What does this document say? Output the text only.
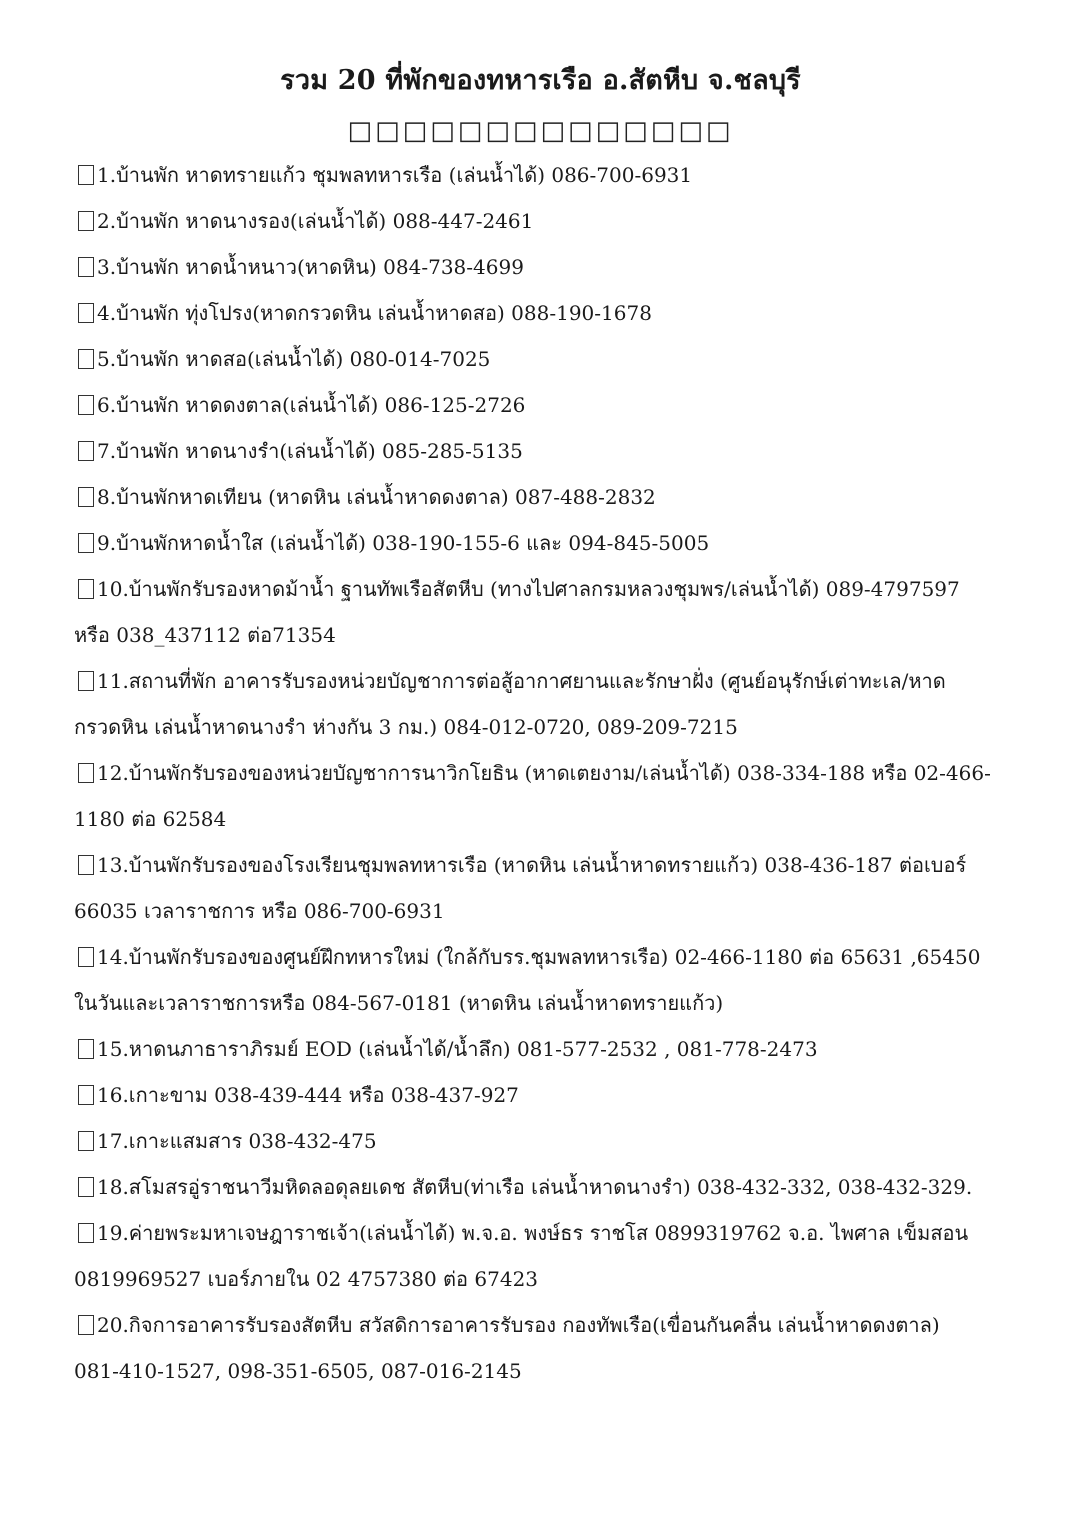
รวม 20 ที่พักของทหารเรือ อ.สัตหีบ จ.ชลบุรี
□□□□□□□□□□□□□□
1.บ้านพัก หาดทรายแก้ว ชุมพลทหารเรือ (เล่นน้ำได้) 086-700-6931
2.บ้านพัก หาดนางรอง(เล่นน้ำได้) 088-447-2461
3.บ้านพัก หาดน้ำหนาว(หาดหิน) 084-738-4699
4.บ้านพัก ทุ่งโปรง(หาดกรวดหิน เล่นน้ำหาดสอ) 088-190-1678
5.บ้านพัก หาดสอ(เล่นน้ำได้) 080-014-7025
6.บ้านพัก หาดดงตาล(เล่นน้ำได้) 086-125-2726
7.บ้านพัก หาดนางรำ(เล่นน้ำได้) 085-285-5135
8.บ้านพักหาดเทียน (หาดหิน เล่นน้ำหาดดงตาล) 087-488-2832
9.บ้านพักหาดน้ำใส (เล่นน้ำได้) 038-190-155-6 และ 094-845-5005
10.บ้านพักรับรองหาดม้าน้ำ ฐานทัพเรือสัตหีบ (ทางไปศาลกรมหลวงชุมพร/เล่นน้ำได้) 089-4797597
หรือ 038_437112 ต่อ71354
11.สถานที่พัก อาคารรับรองหน่วยบัญชาการต่อสู้อากาศยานและรักษาฝั่ง (ศูนย์อนุรักษ์เต่าทะเล/หาด
กรวดหิน เล่นน้ำหาดนางรำ ห่างกัน 3 กม.) 084-012-0720, 089-209-7215
12.บ้านพักรับรองของหน่วยบัญชาการนาวิกโยธิน (หาดเตยงาม/เล่นน้ำได้) 038-334-188 หรือ 02-466-
1180 ต่อ 62584
13.บ้านพักรับรองของโรงเรียนชุมพลทหารเรือ (หาดหิน เล่นน้ำหาดทรายแก้ว) 038-436-187 ต่อเบอร์
66035 เวลาราชการ หรือ 086-700-6931
14.บ้านพักรับรองของศูนย์ฝึกทหารใหม่ (ใกล้กับรร.ชุมพลทหารเรือ) 02-466-1180 ต่อ 65631 ,65450
ในวันและเวลาราชการหรือ 084-567-0181 (หาดหิน เล่นน้ำหาดทรายแก้ว)
15.หาดนภาธาราภิรมย์ EOD (เล่นน้ำได้/น้ำลึก) 081-577-2532 , 081-778-2473
16.เกาะขาม 038-439-444 หรือ 038-437-927
17.เกาะแสมสาร 038-432-475
18.สโมสรอู่ราชนาวีมหิดลอดุลยเดช สัตหีบ(ท่าเรือ เล่นน้ำหาดนางรำ) 038-432-332, 038-432-329.
19.ค่ายพระมหาเจษฎาราชเจ้า(เล่นน้ำได้) พ.จ.อ. พงษ์ธร ราชโส 0899319762 จ.อ. ไพศาล เข็มสอน
0819969527 เบอร์ภายใน 02 4757380 ต่อ 67423
20.กิจการอาคารรับรองสัตหีบ สวัสดิการอาคารรับรอง กองทัพเรือ(เขื่อนกันคลื่น เล่นน้ำหาดดงตาล)
081-410-1527, 098-351-6505, 087-016-2145
